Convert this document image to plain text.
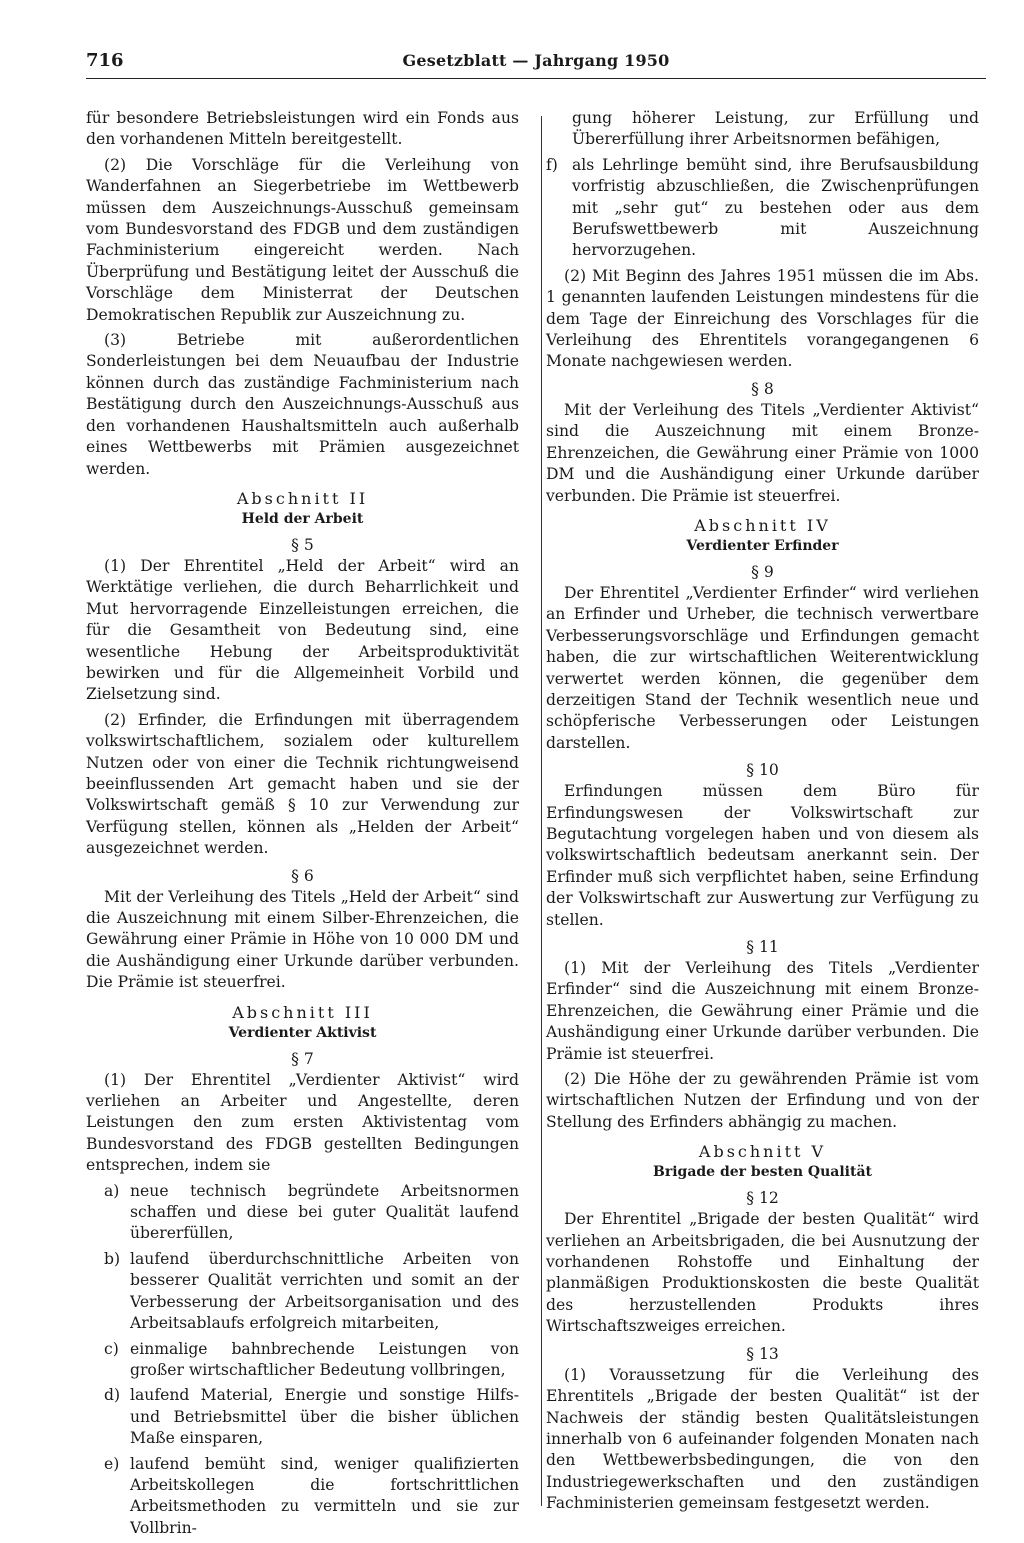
716	Gesetzblatt — Jahrgang 1950

für besondere Betriebsleistungen wird ein Fonds aus den vorhandenen Mitteln bereitgestellt.

(2) Die Vorschläge für die Verleihung von Wanderfahnen an Siegerbetriebe im Wettbewerb müssen dem Auszeichnungs-Ausschuß gemeinsam vom Bundesvorstand des FDGB und dem zuständigen Fachministerium eingereicht werden. Nach Überprüfung und Bestätigung leitet der Ausschuß die Vorschläge dem Ministerrat der Deutschen Demokratischen Republik zur Auszeichnung zu.

(3) Betriebe mit außerordentlichen Sonderleistungen bei dem Neuaufbau der Industrie können durch das zuständige Fachministerium nach Bestätigung durch den Auszeichnungs-Ausschuß aus den vorhandenen Haushaltsmitteln auch außerhalb eines Wettbewerbs mit Prämien ausgezeichnet werden.

Abschnitt II
Held der Arbeit
§ 5

(1) Der Ehrentitel „Held der Arbeit“ wird an Werktätige verliehen, die durch Beharrlichkeit und Mut hervorragende Einzelleistungen erreichen, die für die Gesamtheit von Bedeutung sind, eine wesentliche Hebung der Arbeitsproduktivität bewirken und für die Allgemeinheit Vorbild und Zielsetzung sind.

(2) Erfinder, die Erfindungen mit überragendem volkswirtschaftlichem, sozialem oder kulturellem Nutzen oder von einer die Technik richtungweisend beeinflussenden Art gemacht haben und sie der Volkswirtschaft gemäß § 10 zur Verwendung zur Verfügung stellen, können als „Helden der Arbeit“ ausgezeichnet werden.

§ 6

Mit der Verleihung des Titels „Held der Arbeit“ sind die Auszeichnung mit einem Silber-Ehrenzeichen, die Gewährung einer Prämie in Höhe von 10 000 DM und die Aushändigung einer Urkunde darüber verbunden. Die Prämie ist steuerfrei.

Abschnitt III
Verdienter Aktivist
§ 7

(1) Der Ehrentitel „Verdienter Aktivist“ wird verliehen an Arbeiter und Angestellte, deren Leistungen den zum ersten Aktivistentag vom Bundesvorstand des FDGB gestellten Bedingungen entsprechen, indem sie

a) neue technisch begründete Arbeitsnormen schaffen und diese bei guter Qualität laufend übererfüllen,
b) laufend überdurchschnittliche Arbeiten von besserer Qualität verrichten und somit an der Verbesserung der Arbeitsorganisation und des Arbeitsablaufs erfolgreich mitarbeiten,
c) einmalige bahnbrechende Leistungen von großer wirtschaftlicher Bedeutung vollbringen,
d) laufend Material, Energie und sonstige Hilfs- und Betriebsmittel über die bisher üblichen Maße einsparen,
e) laufend bemüht sind, weniger qualifizierten Arbeitskollegen die fortschrittlichen Arbeitsmethoden zu vermitteln und sie zur Vollbrin-

gung höherer Leistung, zur Erfüllung und Übererfüllung ihrer Arbeitsnormen befähigen,

f) als Lehrlinge bemüht sind, ihre Berufsausbildung vorfristig abzuschließen, die Zwischenprüfungen mit „sehr gut“ zu bestehen oder aus dem Berufswettbewerb mit Auszeichnung hervorzugehen.

(2) Mit Beginn des Jahres 1951 müssen die im Abs. 1 genannten laufenden Leistungen mindestens für die dem Tage der Einreichung des Vorschlages für die Verleihung des Ehrentitels vorangegangenen 6 Monate nachgewiesen werden.

§ 8

Mit der Verleihung des Titels „Verdienter Aktivist“ sind die Auszeichnung mit einem Bronze-Ehrenzeichen, die Gewährung einer Prämie von 1000 DM und die Aushändigung einer Urkunde darüber verbunden. Die Prämie ist steuerfrei.

Abschnitt IV
Verdienter Erfinder
§ 9

Der Ehrentitel „Verdienter Erfinder“ wird verliehen an Erfinder und Urheber, die technisch verwertbare Verbesserungsvorschläge und Erfindungen gemacht haben, die zur wirtschaftlichen Weiterentwicklung verwertet werden können, die gegenüber dem derzeitigen Stand der Technik wesentlich neue und schöpferische Verbesserungen oder Leistungen darstellen.

§ 10

Erfindungen müssen dem Büro für Erfindungswesen der Volkswirtschaft zur Begutachtung vorgelegen haben und von diesem als volkswirtschaftlich bedeutsam anerkannt sein. Der Erfinder muß sich verpflichtet haben, seine Erfindung der Volkswirtschaft zur Auswertung zur Verfügung zu stellen.

§ 11

(1) Mit der Verleihung des Titels „Verdienter Erfinder“ sind die Auszeichnung mit einem Bronze-Ehrenzeichen, die Gewährung einer Prämie und die Aushändigung einer Urkunde darüber verbunden. Die Prämie ist steuerfrei.

(2) Die Höhe der zu gewährenden Prämie ist vom wirtschaftlichen Nutzen der Erfindung und von der Stellung des Erfinders abhängig zu machen.

Abschnitt V
Brigade der besten Qualität
§ 12

Der Ehrentitel „Brigade der besten Qualität“ wird verliehen an Arbeitsbrigaden, die bei Ausnutzung der vorhandenen Rohstoffe und Einhaltung der planmäßigen Produktionskosten die beste Qualität des herzustellenden Produkts ihres Wirtschaftszweiges erreichen.

§ 13

(1) Voraussetzung für die Verleihung des Ehrentitels „Brigade der besten Qualität“ ist der Nachweis der ständig besten Qualitätsleistungen innerhalb von 6 aufeinander folgenden Monaten nach den Wettbewerbsbedingungen, die von den Industriegewerkschaften und den zuständigen Fachministerien gemeinsam festgesetzt werden.
